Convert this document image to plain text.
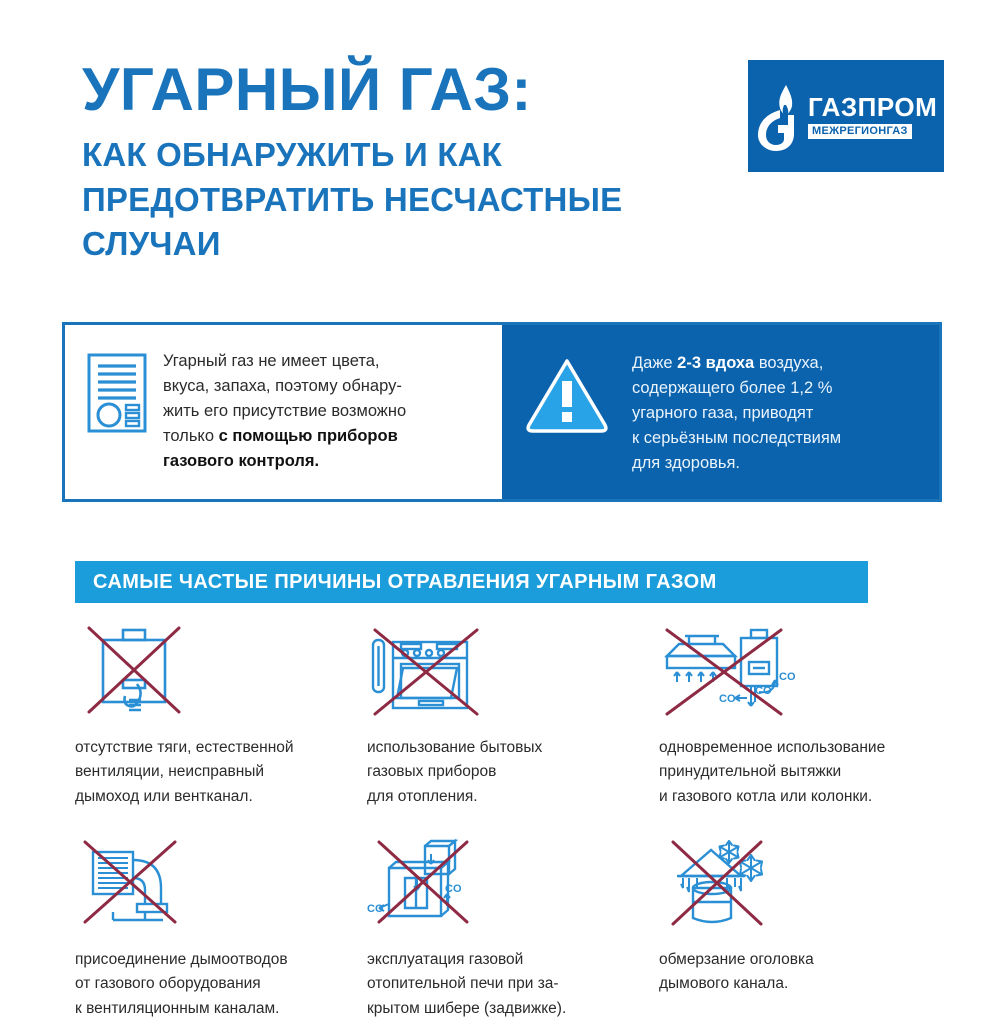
УГАРНЫЙ ГАЗ:
КАК ОБНАРУЖИТЬ И КАК
ПРЕДОТВРАТИТЬ НЕСЧАСТНЫЕ СЛУЧАИ
ГАЗПРОМ
МЕЖРЕГИОНГАЗ
Угарный газ не имеет цвета,
вкуса, запаха, поэтому обнару-
жить его присутствие возможно
только с помощью приборов
газового контроля.
Даже 2-3 вдоха воздуха,
содержащего более 1,2 %
угарного газа, приводят
к серьёзным последствиям
для здоровья.
САМЫЕ ЧАСТЫЕ ПРИЧИНЫ ОТРАВЛЕНИЯ УГАРНЫМ ГАЗОМ
отсутствие тяги, естественной
вентиляции, неисправный
дымоход или вентканал.
использование бытовых
газовых приборов
для отопления.
CO
CO
CO
одновременное использование
принудительной вытяжки
и газового котла или колонки.
присоединение дымоотводов
от газового оборудования
к вентиляционным каналам.
CO
CO
эксплуатация газовой
отопительной печи при за-
крытом шибере (задвижке).
обмерзание оголовка
дымового канала.
